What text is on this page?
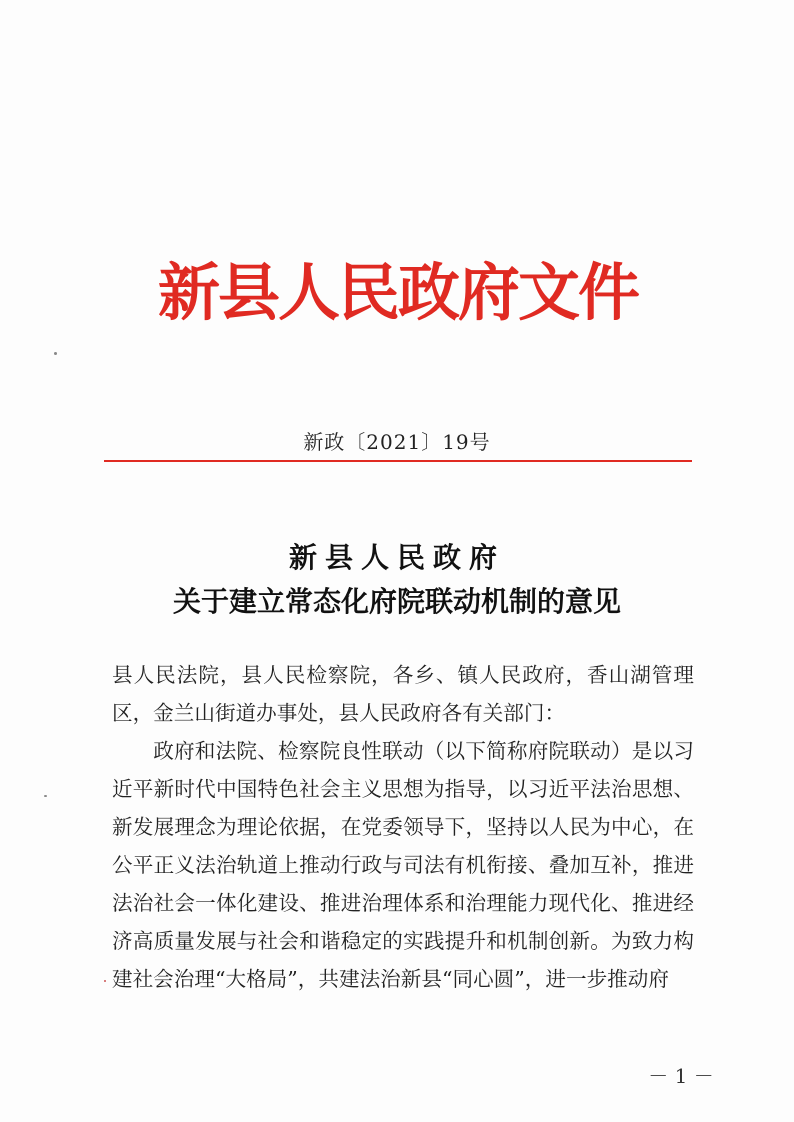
新县人民政府文件
新政〔2021〕19号
新县人民政府
关于建立常态化府院联动机制的意见

县人民法院，县人民检察院，各乡、镇人民政府，香山湖管理区，金兰山街道办事处，县人民政府各有关部门：

政府和法院、检察院良性联动（以下简称府院联动）是以习近平新时代中国特色社会主义思想为指导，以习近平法治思想、新发展理念为理论依据，在党委领导下，坚持以人民为中心，在公平正义法治轨道上推动行政与司法有机衔接、叠加互补，推进法治社会一体化建设、推进治理体系和治理能力现代化、推进经济高质量发展与社会和谐稳定的实践提升和机制创新。为致力构建社会治理“大格局”，共建法治新县“同心圆”，进一步推动府

－ 1 －
